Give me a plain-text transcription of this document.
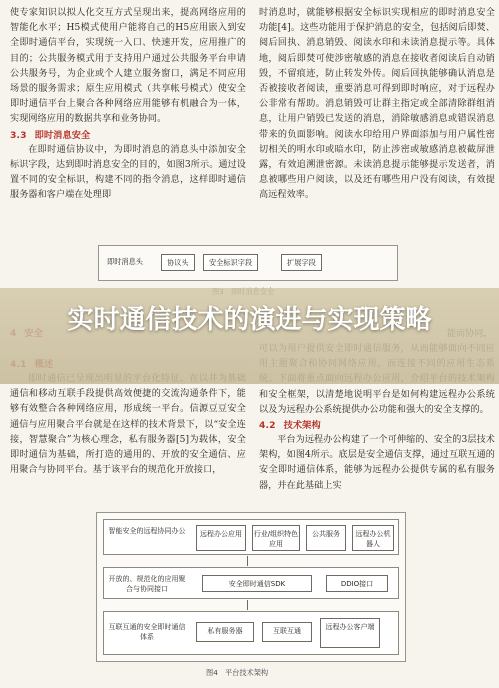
使专家知识以拟人化交互方式呈现出来，提高网络应用的智能化水平；H5模式使用户能将自己的H5应用嵌入到安全即时通信平台，实现统一入口、快速开发，应用推广的目的；公共服务模式用于支持用户通过公共服务平台申请公共服务号，为企业或个人建立服务窗口，满足不同应用场景的服务需求；原生应用模式（共享帐号模式）使安全即时通信平台上聚合各种网络应用能够有机融合为一体，实现网络应用的数据共享和业务协同。

3.3 即时消息安全

在即时通信协议中，为即时消息的消息头中添加安全标识字段，达到即时消息安全的目的，如图3所示。通过设置不同的安全标识，构建不同的指令消息，这样即时通信服务器和客户端在处理即

时消息时，就能够根据安全标识实现相应的即时消息安全功能[4]。这些功能用于保护消息的安全，包括阅后即焚、阅后回执、消息销毁、阅读水印和未读消息提示等。具体地，阅后即焚可使涉密敏感的消息在接收者阅读后自动销毁，不留痕迹，防止转发外传。阅后回执能够确认消息是否被接收者阅读，重要消息可得到即时响应，对于远程办公非常有帮助。消息销毁可让群主指定或全部清除群组消息，让用户销毁已发送的消息，消除敏感消息或错误消息带来的负面影响。阅读水印给用户界面添加与用户属性密切相关的明水印或暗水印，防止涉密或敏感消息被截屏泄露，有效追溯泄密源。未读消息提示能够提示发送者，消息被哪些用户阅读，以及还有哪些用户没有阅读，有效提高远程效率。

即时消息头	协议头	安全标识字段	扩展字段

通信和移动互联手段提供高效便捷的交流沟通条件下，能够有效整合各种网络应用，形成统一平台。信源豆豆安全通信与应用聚合平台就是在这样的技术背景下，以“安全连接，智慧聚合”为核心理念，私有服务器[5]为载体，安全即时通信为基础，所打造的通用的、开放的安全通信、应用聚合与协同平台。基于该平台的规范化开放接口，

和安全框架，以清楚地说明平台是如何构建远程办公系统以及为远程办公系统提供办公功能和强大的安全支撑的。

4.2 技术架构

平台为远程办公构建了一个可伸缩的、安全的3层技术架构，如图4所示。底层是安全通信支撑，通过互联互通的安全即时通信体系，能够为远程办公提供专属的私有服务器，并在此基础上实

实时通信技术的演进与实现策略
智能安全的远程协同办公	远程办公应用	行业/组织特色应用
公共服务	远程办公机器人
开放的、规范化的应用聚合与协同接口
安全即时通信SDK	DDIO接口
互联互通的安全即时通信体系
私有服务器	互联互通	远程办公客户端
图4　平台技术架构
